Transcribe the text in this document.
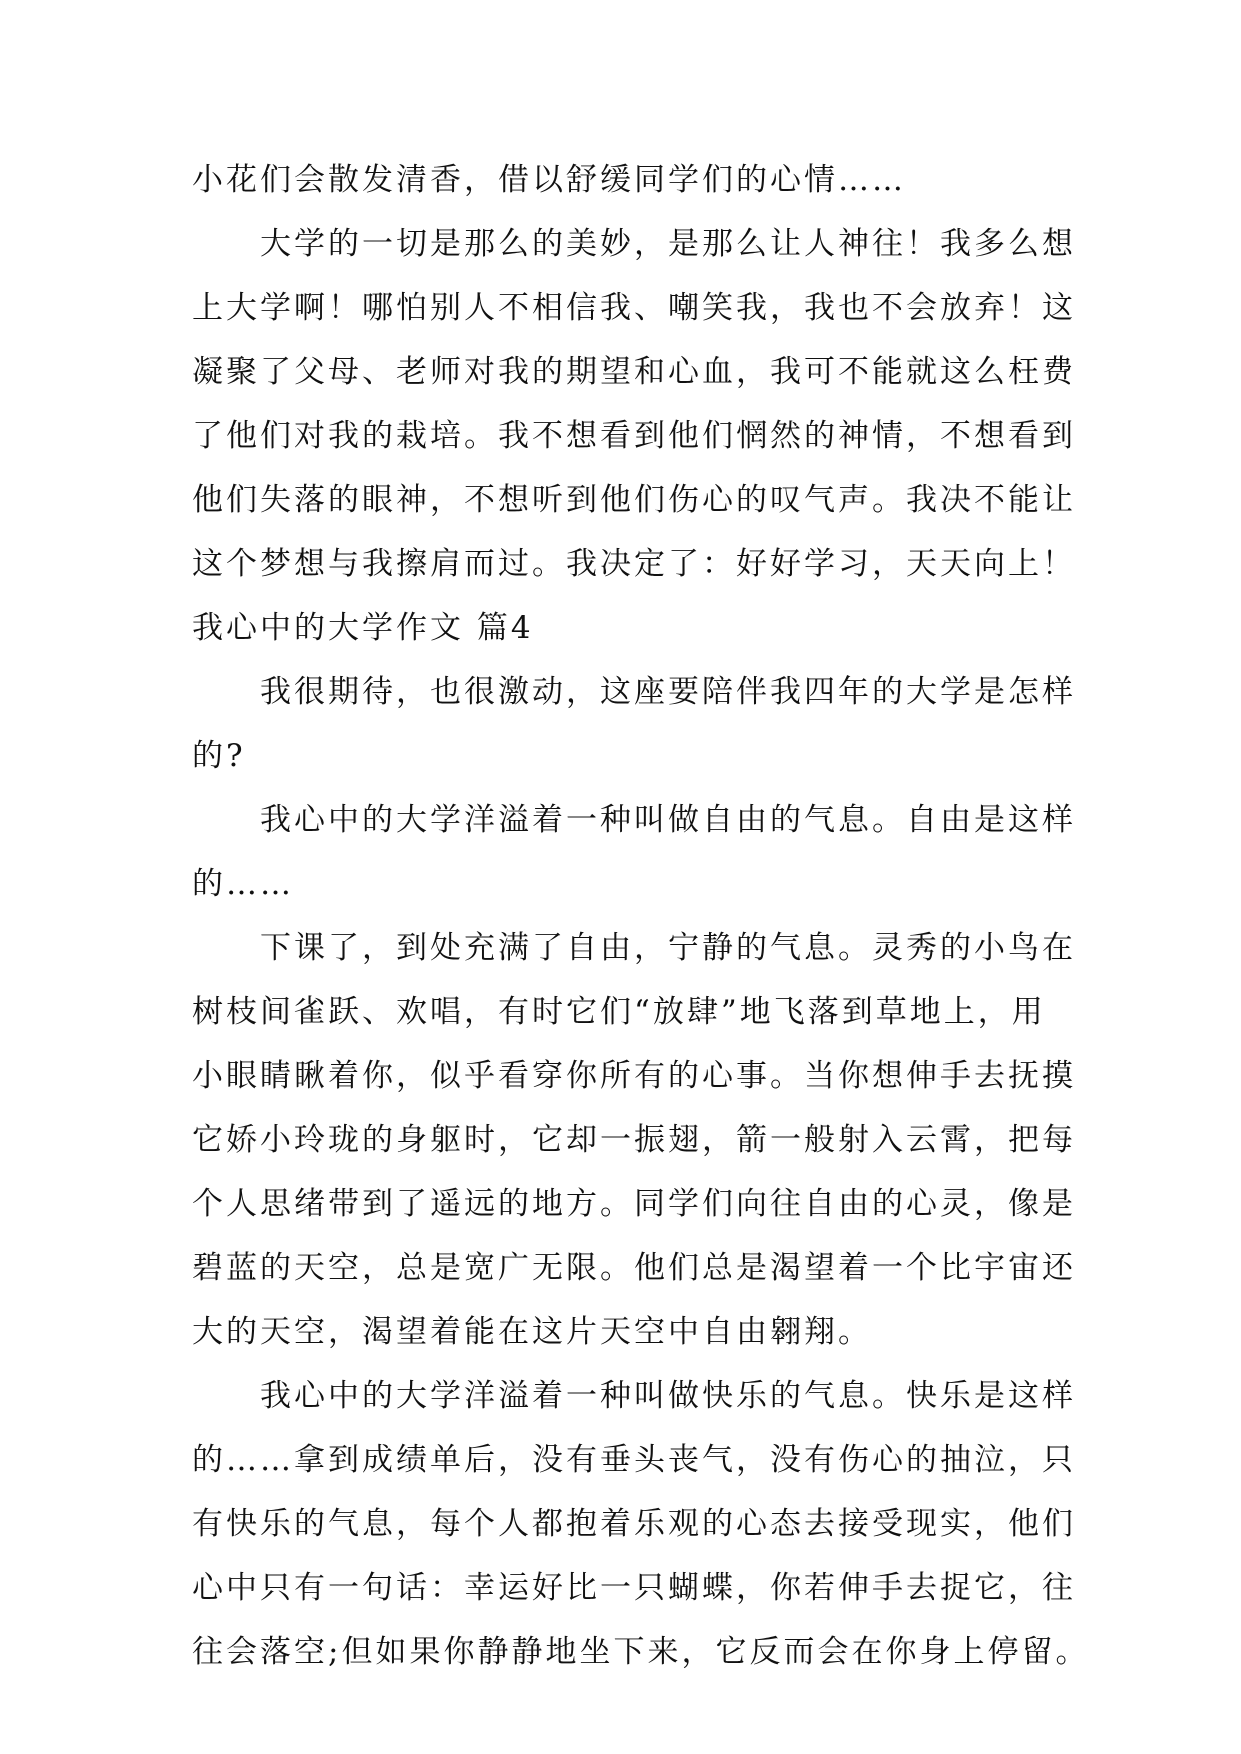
小花们会散发清香，借以舒缓同学们的心情……
大学的一切是那么的美妙，是那么让人神往！我多么想
上大学啊！哪怕别人不相信我、嘲笑我，我也不会放弃！这
凝聚了父母、老师对我的期望和心血，我可不能就这么枉费
了他们对我的栽培。我不想看到他们惘然的神情，不想看到
他们失落的眼神，不想听到他们伤心的叹气声。我决不能让
这个梦想与我擦肩而过。我决定了：好好学习，天天向上！
我心中的大学作文 篇4
我很期待，也很激动，这座要陪伴我四年的大学是怎样
的?
我心中的大学洋溢着一种叫做自由的气息。自由是这样
的……
下课了，到处充满了自由，宁静的气息。灵秀的小鸟在
树枝间雀跃、欢唱，有时它们“放肆”地飞落到草地上，用
小眼睛瞅着你，似乎看穿你所有的心事。当你想伸手去抚摸
它娇小玲珑的身躯时，它却一振翅，箭一般射入云霄，把每
个人思绪带到了遥远的地方。同学们向往自由的心灵，像是
碧蓝的天空，总是宽广无限。他们总是渴望着一个比宇宙还
大的天空，渴望着能在这片天空中自由翱翔。
我心中的大学洋溢着一种叫做快乐的气息。快乐是这样
的……拿到成绩单后，没有垂头丧气，没有伤心的抽泣，只
有快乐的气息，每个人都抱着乐观的心态去接受现实，他们
心中只有一句话：幸运好比一只蝴蝶，你若伸手去捉它，往
往会落空;但如果你静静地坐下来，它反而会在你身上停留。
